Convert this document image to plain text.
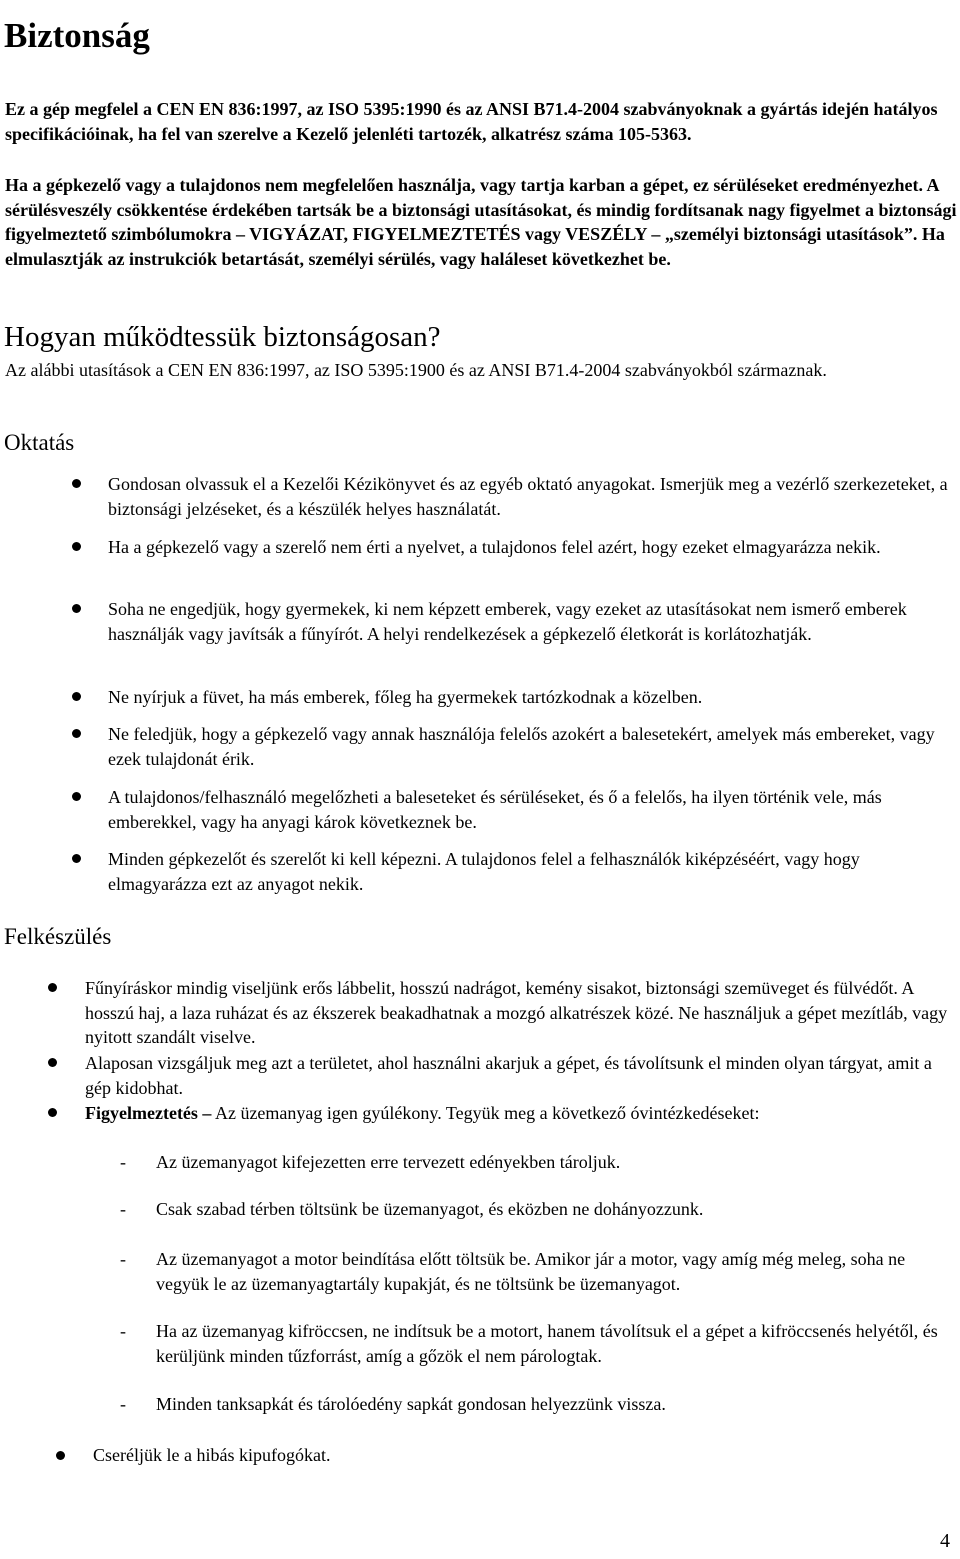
Biztonság

Ez a gép megfelel a CEN EN 836:1997, az ISO 5395:1990 és az ANSI B71.4-2004 szabványoknak a gyártás idején hatályos specifikációinak, ha fel van szerelve a Kezelő jelenléti tartozék, alkatrész száma 105-5363.

Ha a gépkezelő vagy a tulajdonos nem megfelelően használja, vagy tartja karban a gépet, ez sérüléseket eredményezhet. A sérülésveszély csökkentése érdekében tartsák be a biztonsági utasításokat, és mindig fordítsanak nagy figyelmet a biztonsági figyelmeztető szimbólumokra – VIGYÁZAT, FIGYELMEZTETÉS vagy VESZÉLY – „személyi biztonsági utasítások”. Ha elmulasztják az instrukciók betartását, személyi sérülés, vagy haláleset következhet be.

Hogyan működtessük biztonságosan?

Az alábbi utasítások a CEN EN 836:1997, az ISO 5395:1900 és az ANSI B71.4-2004 szabványokból származnak.

Oktatás
Gondosan olvassuk el a Kezelői Kézikönyvet és az egyéb oktató anyagokat. Ismerjük meg a vezérlő szerkezeteket, a biztonsági jelzéseket, és a készülék helyes használatát.
Ha a gépkezelő vagy a szerelő nem érti a nyelvet, a tulajdonos felel azért, hogy ezeket elmagyarázza nekik.
Soha ne engedjük, hogy gyermekek, ki nem képzett emberek, vagy ezeket az utasításokat nem ismerő emberek használják vagy javítsák a fűnyírót. A helyi rendelkezések a gépkezelő életkorát is korlátozhatják.
Ne nyírjuk a füvet, ha más emberek, főleg ha gyermekek tartózkodnak a közelben.
Ne feledjük, hogy a gépkezelő vagy annak használója felelős azokért a balesetekért, amelyek más embereket, vagy ezek tulajdonát érik.
A tulajdonos/felhasználó megelőzheti a baleseteket és sérüléseket, és ő a felelős, ha ilyen történik vele, más emberekkel, vagy ha anyagi károk következnek be.
Minden gépkezelőt és szerelőt ki kell képezni. A tulajdonos felel a felhasználók kiképzéséért, vagy hogy elmagyarázza ezt az anyagot nekik.
Felkészülés
Fűnyíráskor mindig viseljünk erős lábbelit, hosszú nadrágot, kemény sisakot, biztonsági szemüveget és fülvédőt. A hosszú haj, a laza ruházat és az ékszerek beakadhatnak a mozgó alkatrészek közé. Ne használjuk a gépet mezítláb, vagy nyitott szandált viselve.
Alaposan vizsgáljuk meg azt a területet, ahol használni akarjuk a gépet, és távolítsunk el minden olyan tárgyat, amit a gép kidobhat.
Figyelmeztetés – Az üzemanyag igen gyúlékony. Tegyük meg a következő óvintézkedéseket:
- Az üzemanyagot kifejezetten erre tervezett edényekben tároljuk.
- Csak szabad térben töltsünk be üzemanyagot, és eközben ne dohányozzunk.
- Az üzemanyagot a motor beindítása előtt töltsük be. Amikor jár a motor, vagy amíg még meleg, soha ne vegyük le az üzemanyagtartály kupakját, és ne töltsünk be üzemanyagot.
- Ha az üzemanyag kifröccsen, ne indítsuk be a motort, hanem távolítsuk el a gépet a kifröccsenés helyétől, és kerüljünk minden tűzforrást, amíg a gőzök el nem párologtak.
- Minden tanksapkát és tárolóedény sapkát gondosan helyezzünk vissza.
Cseréljük le a hibás kipufogókat.
4
